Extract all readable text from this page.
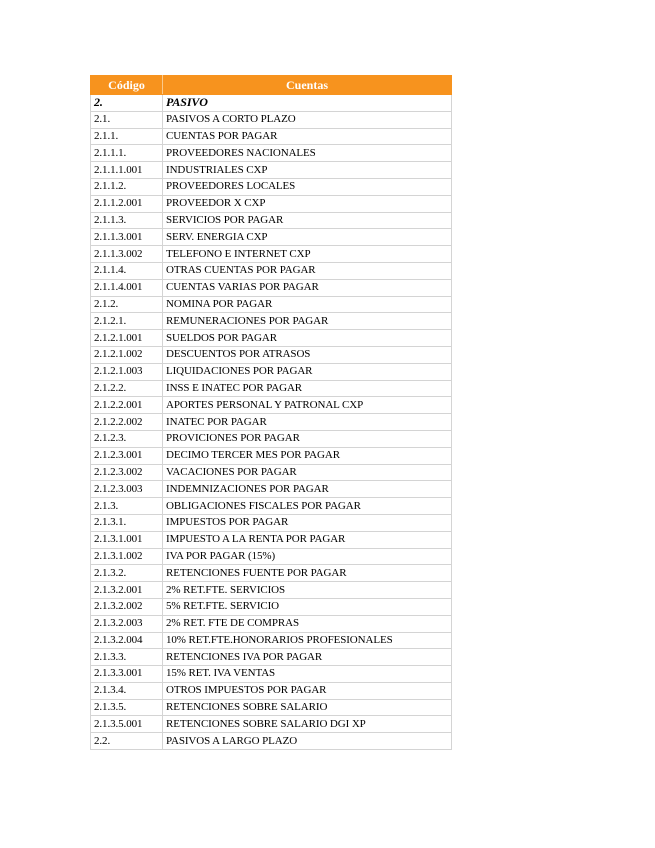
Código	Cuentas
2.	PASIVO
2.1.	PASIVOS A CORTO PLAZO
2.1.1.	CUENTAS POR PAGAR
2.1.1.1.	PROVEEDORES NACIONALES
2.1.1.1.001	INDUSTRIALES CXP
2.1.1.2.	PROVEEDORES LOCALES
2.1.1.2.001	PROVEEDOR X CXP
2.1.1.3.	SERVICIOS POR PAGAR
2.1.1.3.001	SERV. ENERGIA CXP
2.1.1.3.002	TELEFONO E INTERNET CXP
2.1.1.4.	OTRAS CUENTAS POR PAGAR
2.1.1.4.001	CUENTAS VARIAS POR PAGAR
2.1.2.	NOMINA POR PAGAR
2.1.2.1.	REMUNERACIONES POR PAGAR
2.1.2.1.001	SUELDOS POR PAGAR
2.1.2.1.002	DESCUENTOS POR ATRASOS
2.1.2.1.003	LIQUIDACIONES POR PAGAR
2.1.2.2.	INSS E INATEC POR PAGAR
2.1.2.2.001	APORTES PERSONAL Y PATRONAL CXP
2.1.2.2.002	INATEC POR PAGAR
2.1.2.3.	PROVICIONES POR PAGAR
2.1.2.3.001	DECIMO TERCER MES POR PAGAR
2.1.2.3.002	VACACIONES POR PAGAR
2.1.2.3.003	INDEMNIZACIONES POR PAGAR
2.1.3.	OBLIGACIONES FISCALES POR PAGAR
2.1.3.1.	IMPUESTOS POR PAGAR
2.1.3.1.001	IMPUESTO A LA RENTA POR PAGAR
2.1.3.1.002	IVA POR PAGAR (15%)
2.1.3.2.	RETENCIONES FUENTE POR PAGAR
2.1.3.2.001	2% RET.FTE. SERVICIOS
2.1.3.2.002	5% RET.FTE. SERVICIO
2.1.3.2.003	2% RET. FTE DE COMPRAS
2.1.3.2.004	10% RET.FTE.HONORARIOS PROFESIONALES
2.1.3.3.	RETENCIONES IVA POR PAGAR
2.1.3.3.001	15% RET. IVA VENTAS
2.1.3.4.	OTROS IMPUESTOS POR PAGAR
2.1.3.5.	RETENCIONES SOBRE SALARIO
2.1.3.5.001	RETENCIONES SOBRE SALARIO DGI XP
2.2.	PASIVOS A LARGO PLAZO
